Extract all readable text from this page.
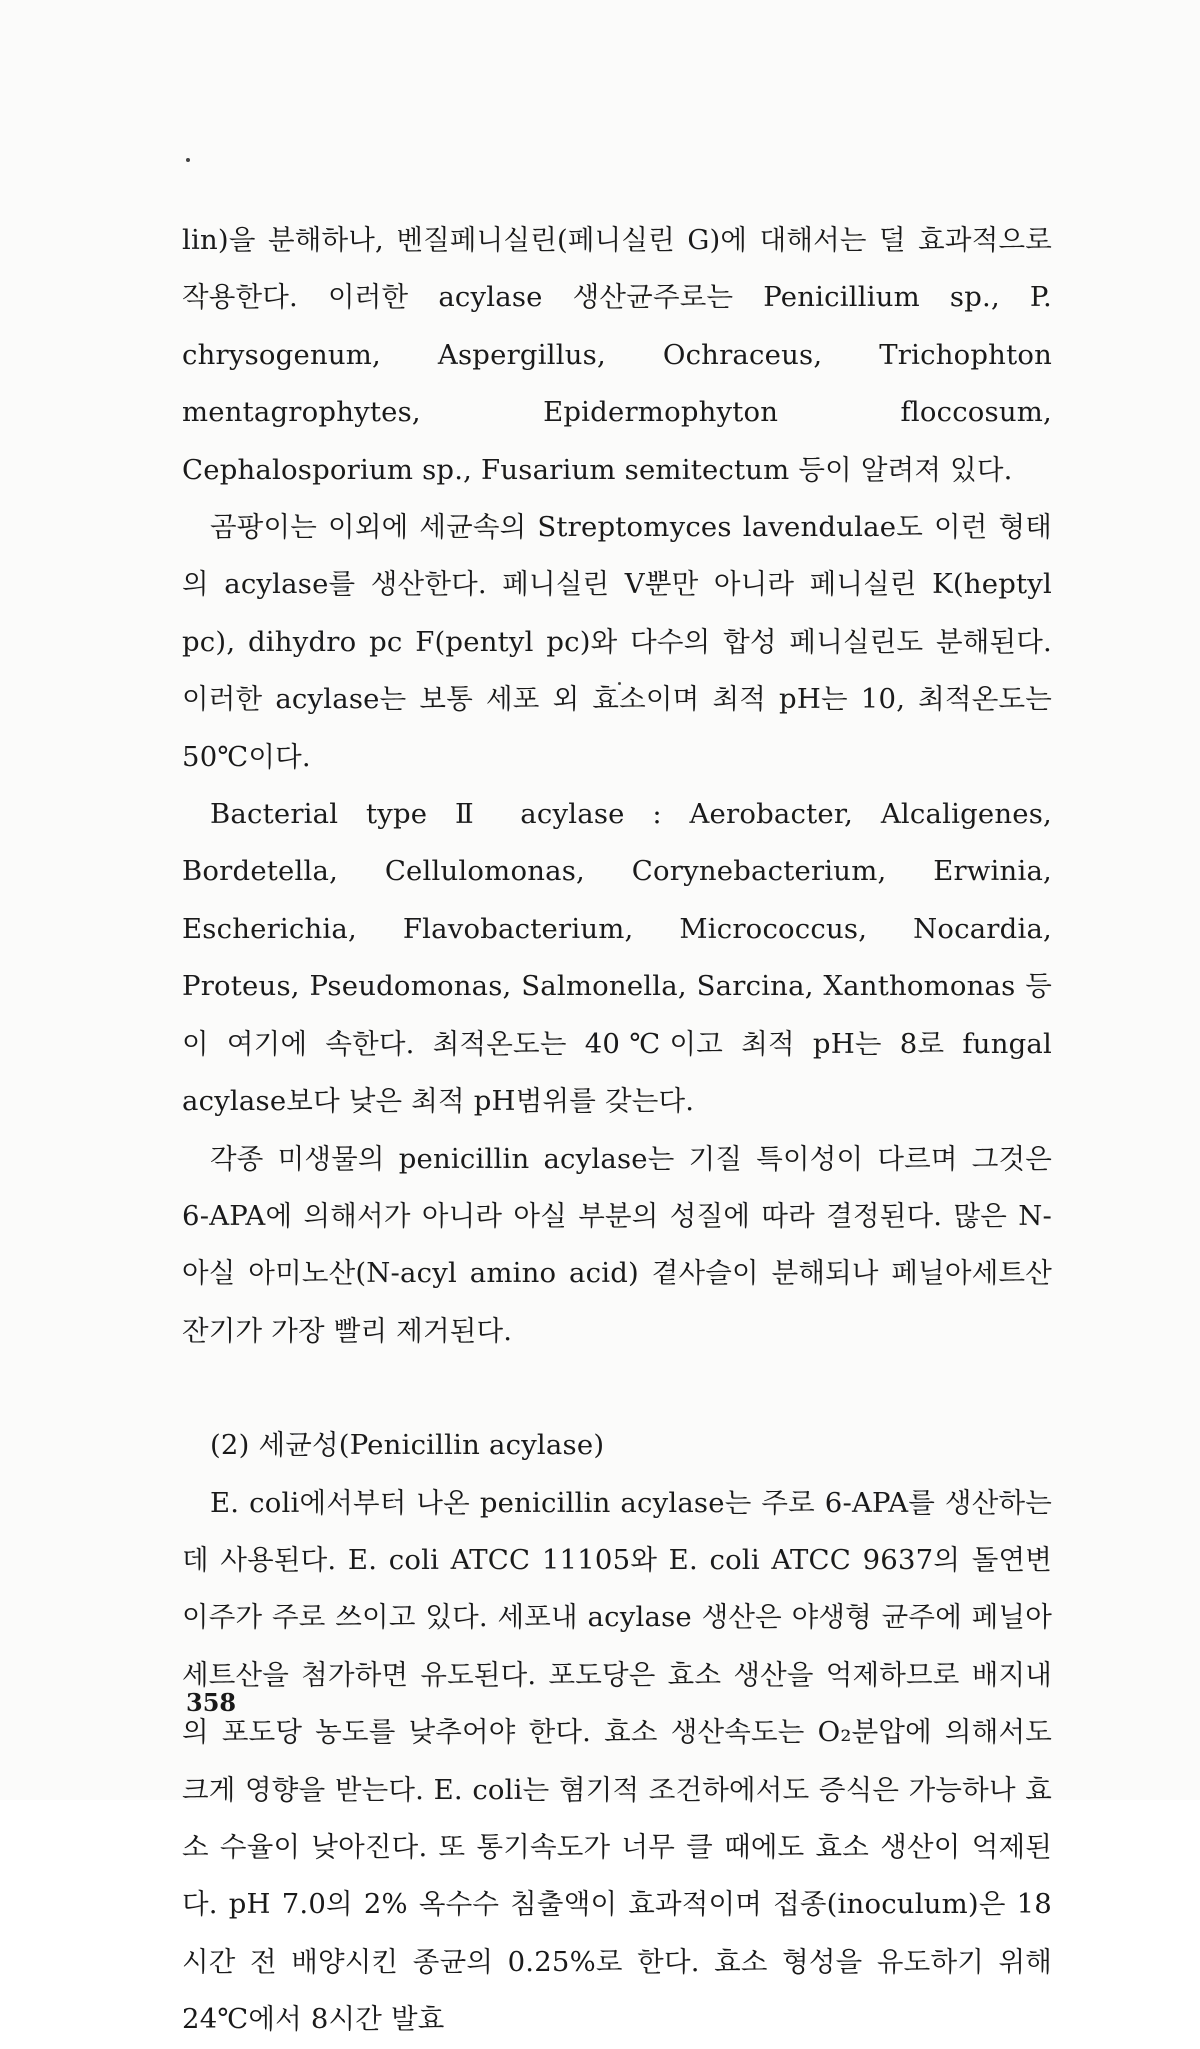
lin)을 분해하나, 벤질페니실린(페니실린 G)에 대해서는 덜 효과적으로 작용한다. 이러한 acylase 생산균주로는 Penicillium sp., P. chrysogenum, Aspergillus, Ochraceus, Trichophton mentagrophytes, Epidermophyton floccosum, Cephalosporium sp., Fusarium semitectum 등이 알려져 있다.

곰팡이는 이외에 세균속의 Streptomyces lavendulae도 이런 형태의 acylase를 생산한다. 페니실린 V뿐만 아니라 페니실린 K(heptyl pc), dihydro pc F(pentyl pc)와 다수의 합성 페니실린도 분해된다. 이러한 acylase는 보통 세포 외 효소이며 최적 pH는 10, 최적온도는 50℃이다.

Bacterial type Ⅱ acylase : Aerobacter, Alcaligenes, Bordetella, Cellulomonas, Corynebacterium, Erwinia, Escherichia, Flavobacterium, Micrococcus, Nocardia, Proteus, Pseudomonas, Salmonella, Sarcina, Xanthomonas 등이 여기에 속한다. 최적온도는 40℃이고 최적 pH는 8로 fungal acylase보다 낮은 최적 pH범위를 갖는다.

각종 미생물의 penicillin acylase는 기질 특이성이 다르며 그것은 6-APA에 의해서가 아니라 아실 부분의 성질에 따라 결정된다. 많은 N-아실 아미노산(N-acyl amino acid) 곁사슬이 분해되나 페닐아세트산 잔기가 가장 빨리 제거된다.

(2) 세균성(Penicillin acylase)

E. coli에서부터 나온 penicillin acylase는 주로 6-APA를 생산하는 데 사용된다. E. coli ATCC 11105와 E. coli ATCC 9637의 돌연변이주가 주로 쓰이고 있다. 세포내 acylase 생산은 야생형 균주에 페닐아세트산을 첨가하면 유도된다. 포도당은 효소 생산을 억제하므로 배지내의 포도당 농도를 낮추어야 한다. 효소 생산속도는 O₂분압에 의해서도 크게 영향을 받는다. E. coli는 혐기적 조건하에서도 증식은 가능하나 효소 수율이 낮아진다. 또 통기속도가 너무 클 때에도 효소 생산이 억제된다. pH 7.0의 2% 옥수수 침출액이 효과적이며 접종(inoculum)은 18시간 전 배양시킨 종균의 0.25%로 한다. 효소 형성을 유도하기 위해 24℃에서 8시간 발효

358
